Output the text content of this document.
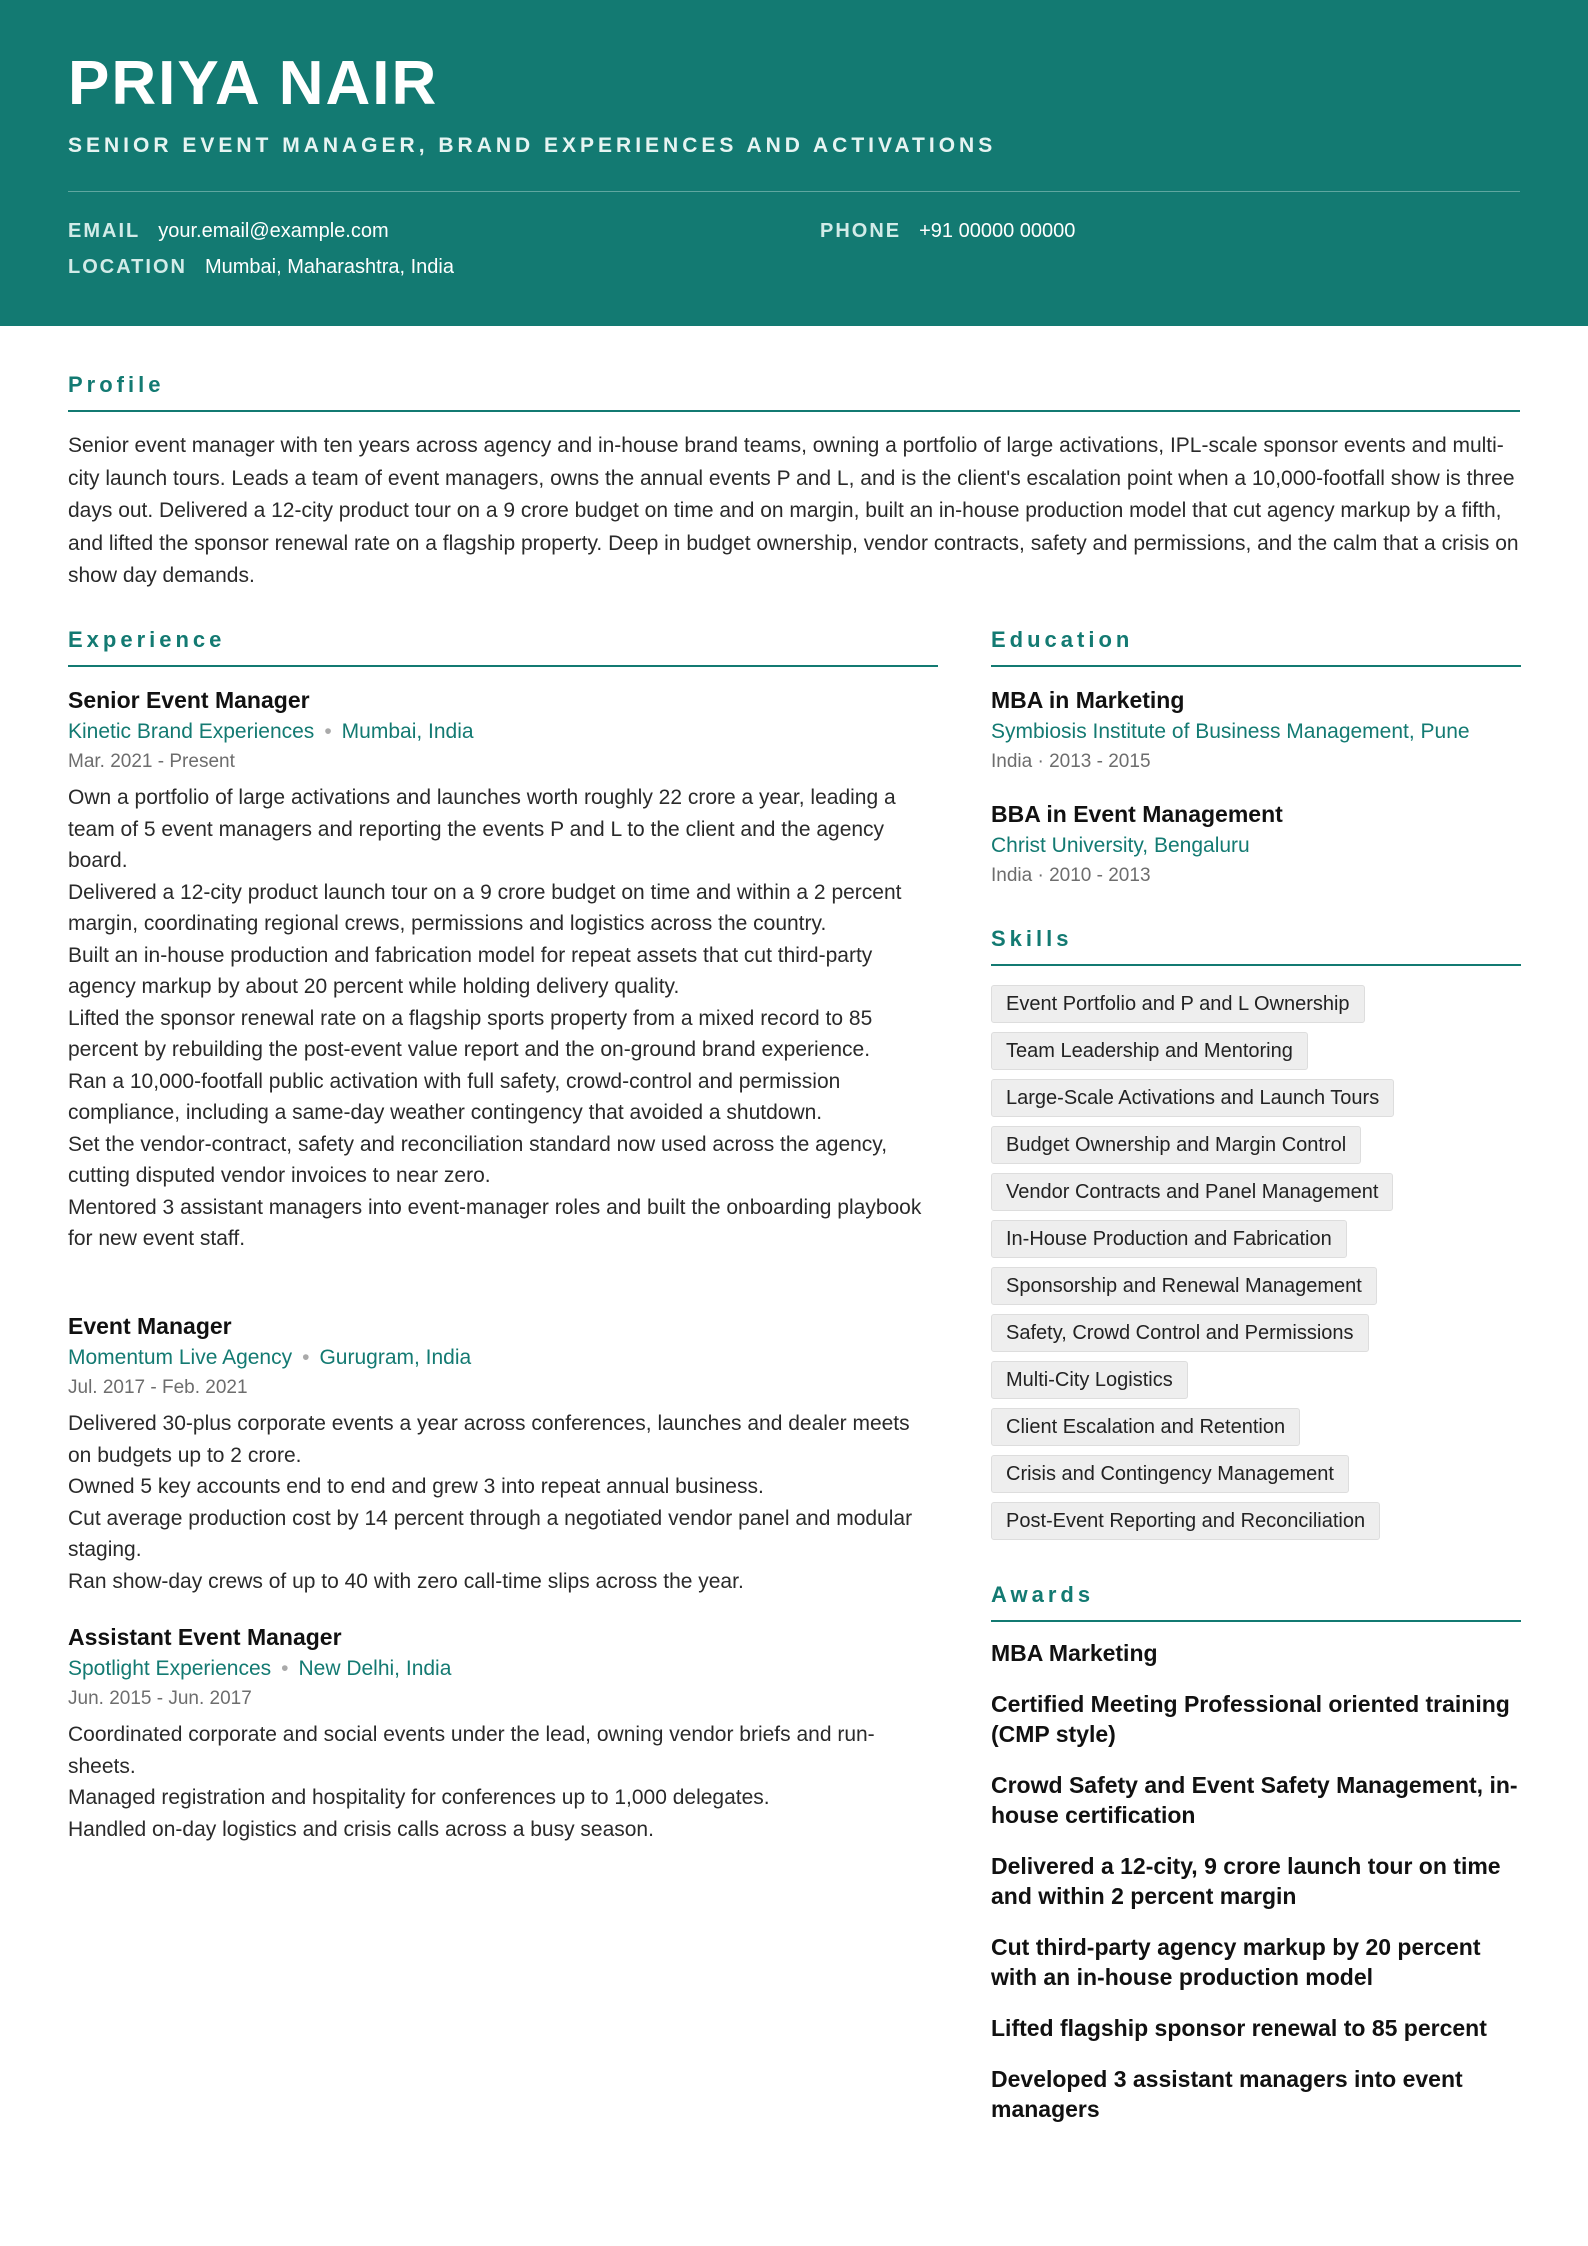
PRIYA NAIR
SENIOR EVENT MANAGER, BRAND EXPERIENCES AND ACTIVATIONS
EMAIL your.email@example.com	PHONE +91 00000 00000
LOCATION Mumbai, Maharashtra, India
Profile
Senior event manager with ten years across agency and in-house brand teams, owning a portfolio of large activations, IPL-scale sponsor events and multi-city launch tours. Leads a team of event managers, owns the annual events P and L, and is the client's escalation point when a 10,000-footfall show is three days out. Delivered a 12-city product tour on a 9 crore budget on time and on margin, built an in-house production model that cut agency markup by a fifth, and lifted the sponsor renewal rate on a flagship property. Deep in budget ownership, vendor contracts, safety and permissions, and the calm that a crisis on show day demands.
Experience
Senior Event Manager
Kinetic Brand Experiences • Mumbai, India
Mar. 2021 - Present
Own a portfolio of large activations and launches worth roughly 22 crore a year, leading a team of 5 event managers and reporting the events P and L to the client and the agency board.
Delivered a 12-city product launch tour on a 9 crore budget on time and within a 2 percent margin, coordinating regional crews, permissions and logistics across the country.
Built an in-house production and fabrication model for repeat assets that cut third-party agency markup by about 20 percent while holding delivery quality.
Lifted the sponsor renewal rate on a flagship sports property from a mixed record to 85 percent by rebuilding the post-event value report and the on-ground brand experience.
Ran a 10,000-footfall public activation with full safety, crowd-control and permission compliance, including a same-day weather contingency that avoided a shutdown.
Set the vendor-contract, safety and reconciliation standard now used across the agency, cutting disputed vendor invoices to near zero.
Mentored 3 assistant managers into event-manager roles and built the onboarding playbook for new event staff.
Event Manager
Momentum Live Agency • Gurugram, India
Jul. 2017 - Feb. 2021
Delivered 30-plus corporate events a year across conferences, launches and dealer meets on budgets up to 2 crore.
Owned 5 key accounts end to end and grew 3 into repeat annual business.
Cut average production cost by 14 percent through a negotiated vendor panel and modular staging.
Ran show-day crews of up to 40 with zero call-time slips across the year.
Assistant Event Manager
Spotlight Experiences • New Delhi, India
Jun. 2015 - Jun. 2017
Coordinated corporate and social events under the lead, owning vendor briefs and run-sheets.
Managed registration and hospitality for conferences up to 1,000 delegates.
Handled on-day logistics and crisis calls across a busy season.
Education
MBA in Marketing
Symbiosis Institute of Business Management, Pune
India · 2013 - 2015
BBA in Event Management
Christ University, Bengaluru
India · 2010 - 2013
Skills
Event Portfolio and P and L Ownership
Team Leadership and Mentoring
Large-Scale Activations and Launch Tours
Budget Ownership and Margin Control
Vendor Contracts and Panel Management
In-House Production and Fabrication
Sponsorship and Renewal Management
Safety, Crowd Control and Permissions
Multi-City Logistics
Client Escalation and Retention
Crisis and Contingency Management
Post-Event Reporting and Reconciliation
Awards
MBA Marketing
Certified Meeting Professional oriented training (CMP style)
Crowd Safety and Event Safety Management, in-house certification
Delivered a 12-city, 9 crore launch tour on time and within 2 percent margin
Cut third-party agency markup by 20 percent with an in-house production model
Lifted flagship sponsor renewal to 85 percent
Developed 3 assistant managers into event managers
